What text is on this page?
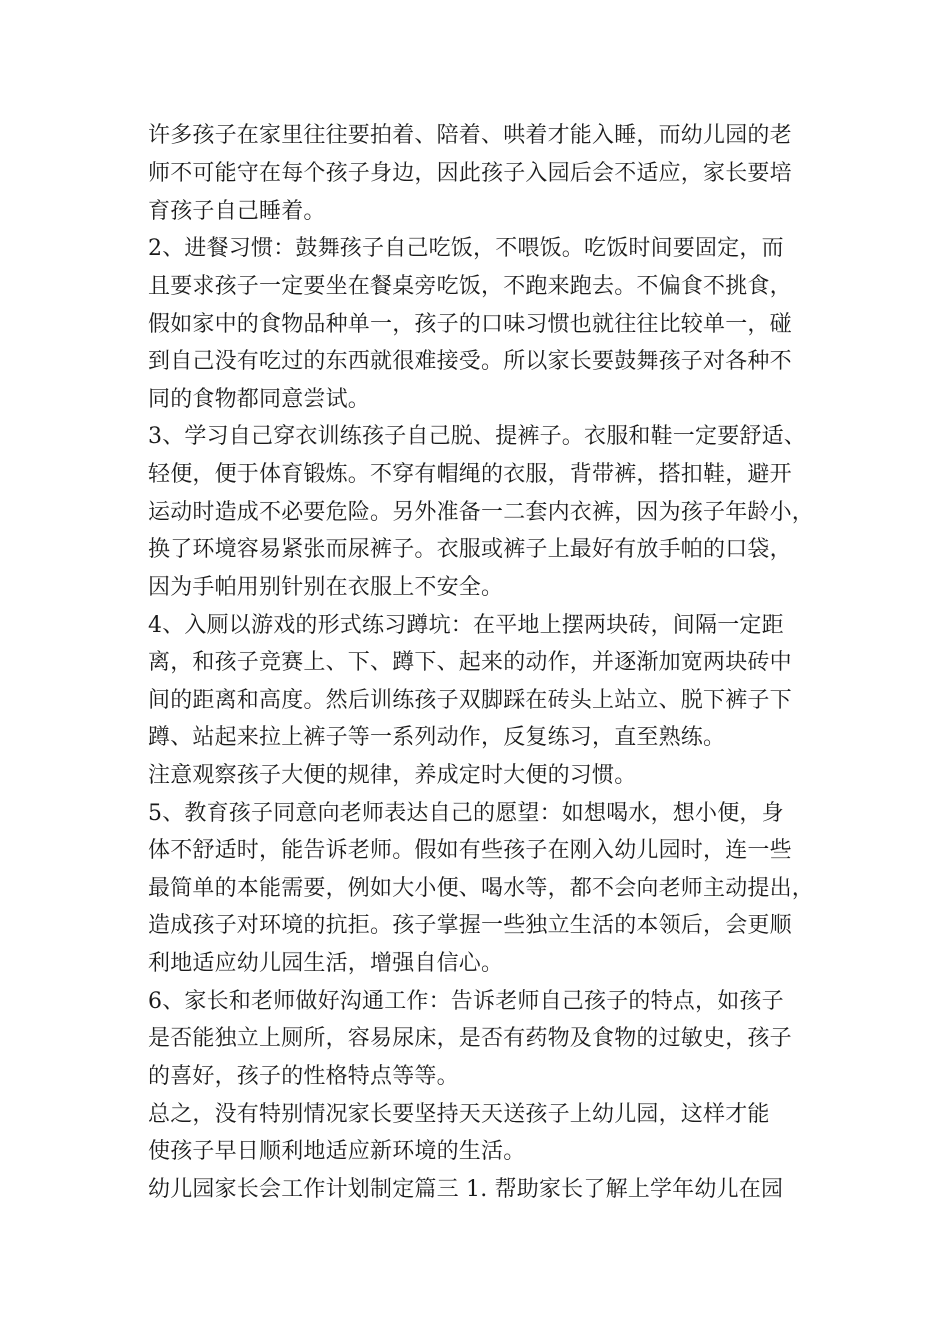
许多孩子在家里往往要拍着、陪着、哄着才能入睡，而幼儿园的老
师不可能守在每个孩子身边，因此孩子入园后会不适应，家长要培
育孩子自己睡着。
2、进餐习惯：鼓舞孩子自己吃饭，不喂饭。吃饭时间要固定，而
且要求孩子一定要坐在餐桌旁吃饭，不跑来跑去。不偏食不挑食，
假如家中的食物品种单一，孩子的口味习惯也就往往比较单一，碰
到自己没有吃过的东西就很难接受。所以家长要鼓舞孩子对各种不
同的食物都同意尝试。
3、学习自己穿衣训练孩子自己脱、提裤子。衣服和鞋一定要舒适、
轻便，便于体育锻炼。不穿有帽绳的衣服，背带裤，搭扣鞋，避开
运动时造成不必要危险。另外准备一二套内衣裤，因为孩子年龄小，
换了环境容易紧张而尿裤子。衣服或裤子上最好有放手帕的口袋，
因为手帕用别针别在衣服上不安全。
4、入厕以游戏的形式练习蹲坑：在平地上摆两块砖，间隔一定距
离，和孩子竞赛上、下、蹲下、起来的动作，并逐渐加宽两块砖中
间的距离和高度。然后训练孩子双脚踩在砖头上站立、脱下裤子下
蹲、站起来拉上裤子等一系列动作，反复练习，直至熟练。
注意观察孩子大便的规律，养成定时大便的习惯。
5、教育孩子同意向老师表达自己的愿望：如想喝水，想小便，身
体不舒适时，能告诉老师。假如有些孩子在刚入幼儿园时，连一些
最简单的本能需要，例如大小便、喝水等，都不会向老师主动提出，
造成孩子对环境的抗拒。孩子掌握一些独立生活的本领后，会更顺
利地适应幼儿园生活，增强自信心。
6、家长和老师做好沟通工作：告诉老师自己孩子的特点，如孩子
是否能独立上厕所，容易尿床，是否有药物及食物的过敏史，孩子
的喜好，孩子的性格特点等等。
总之，没有特别情况家长要坚持天天送孩子上幼儿园，这样才能
使孩子早日顺利地适应新环境的生活。
幼儿园家长会工作计划制定篇三 1. 帮助家长了解上学年幼儿在园
